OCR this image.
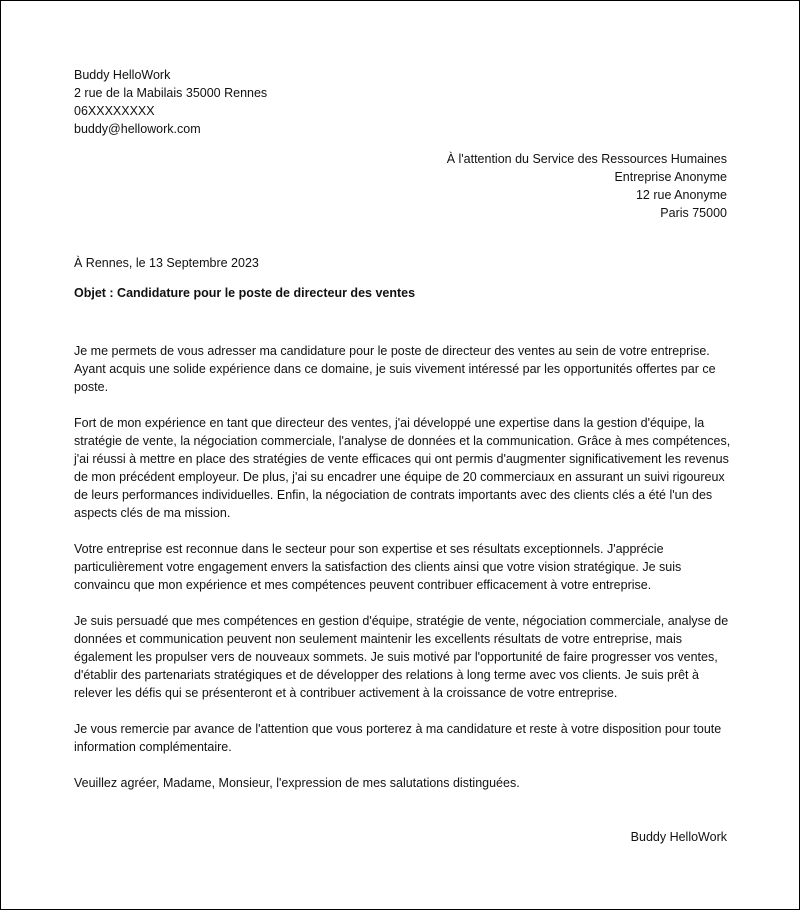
Buddy HelloWork
2 rue de la Mabilais 35000 Rennes
06XXXXXXXX
buddy@hellowork.com
À l'attention du Service des Ressources Humaines
Entreprise Anonyme
12 rue Anonyme
Paris 75000
À Rennes, le 13 Septembre 2023
Objet : Candidature pour le poste de directeur des ventes

Je me permets de vous adresser ma candidature pour le poste de directeur des ventes au sein de votre entreprise. Ayant acquis une solide expérience dans ce domaine, je suis vivement intéressé par les opportunités offertes par ce poste.

Fort de mon expérience en tant que directeur des ventes, j'ai développé une expertise dans la gestion d'équipe, la stratégie de vente, la négociation commerciale, l'analyse de données et la communication. Grâce à mes compétences, j'ai réussi à mettre en place des stratégies de vente efficaces qui ont permis d'augmenter significativement les revenus de mon précédent employeur. De plus, j'ai su encadrer une équipe de 20 commerciaux en assurant un suivi rigoureux de leurs performances individuelles. Enfin, la négociation de contrats importants avec des clients clés a été l'un des aspects clés de ma mission.

Votre entreprise est reconnue dans le secteur pour son expertise et ses résultats exceptionnels. J'apprécie particulièrement votre engagement envers la satisfaction des clients ainsi que votre vision stratégique. Je suis convaincu que mon expérience et mes compétences peuvent contribuer efficacement à votre entreprise.

Je suis persuadé que mes compétences en gestion d'équipe, stratégie de vente, négociation commerciale, analyse de données et communication peuvent non seulement maintenir les excellents résultats de votre entreprise, mais également les propulser vers de nouveaux sommets. Je suis motivé par l'opportunité de faire progresser vos ventes, d'établir des partenariats stratégiques et de développer des relations à long terme avec vos clients. Je suis prêt à relever les défis qui se présenteront et à contribuer activement à la croissance de votre entreprise.

Je vous remercie par avance de l'attention que vous porterez à ma candidature et reste à votre disposition pour toute information complémentaire.

Veuillez agréer, Madame, Monsieur, l'expression de mes salutations distinguées.

Buddy HelloWork
